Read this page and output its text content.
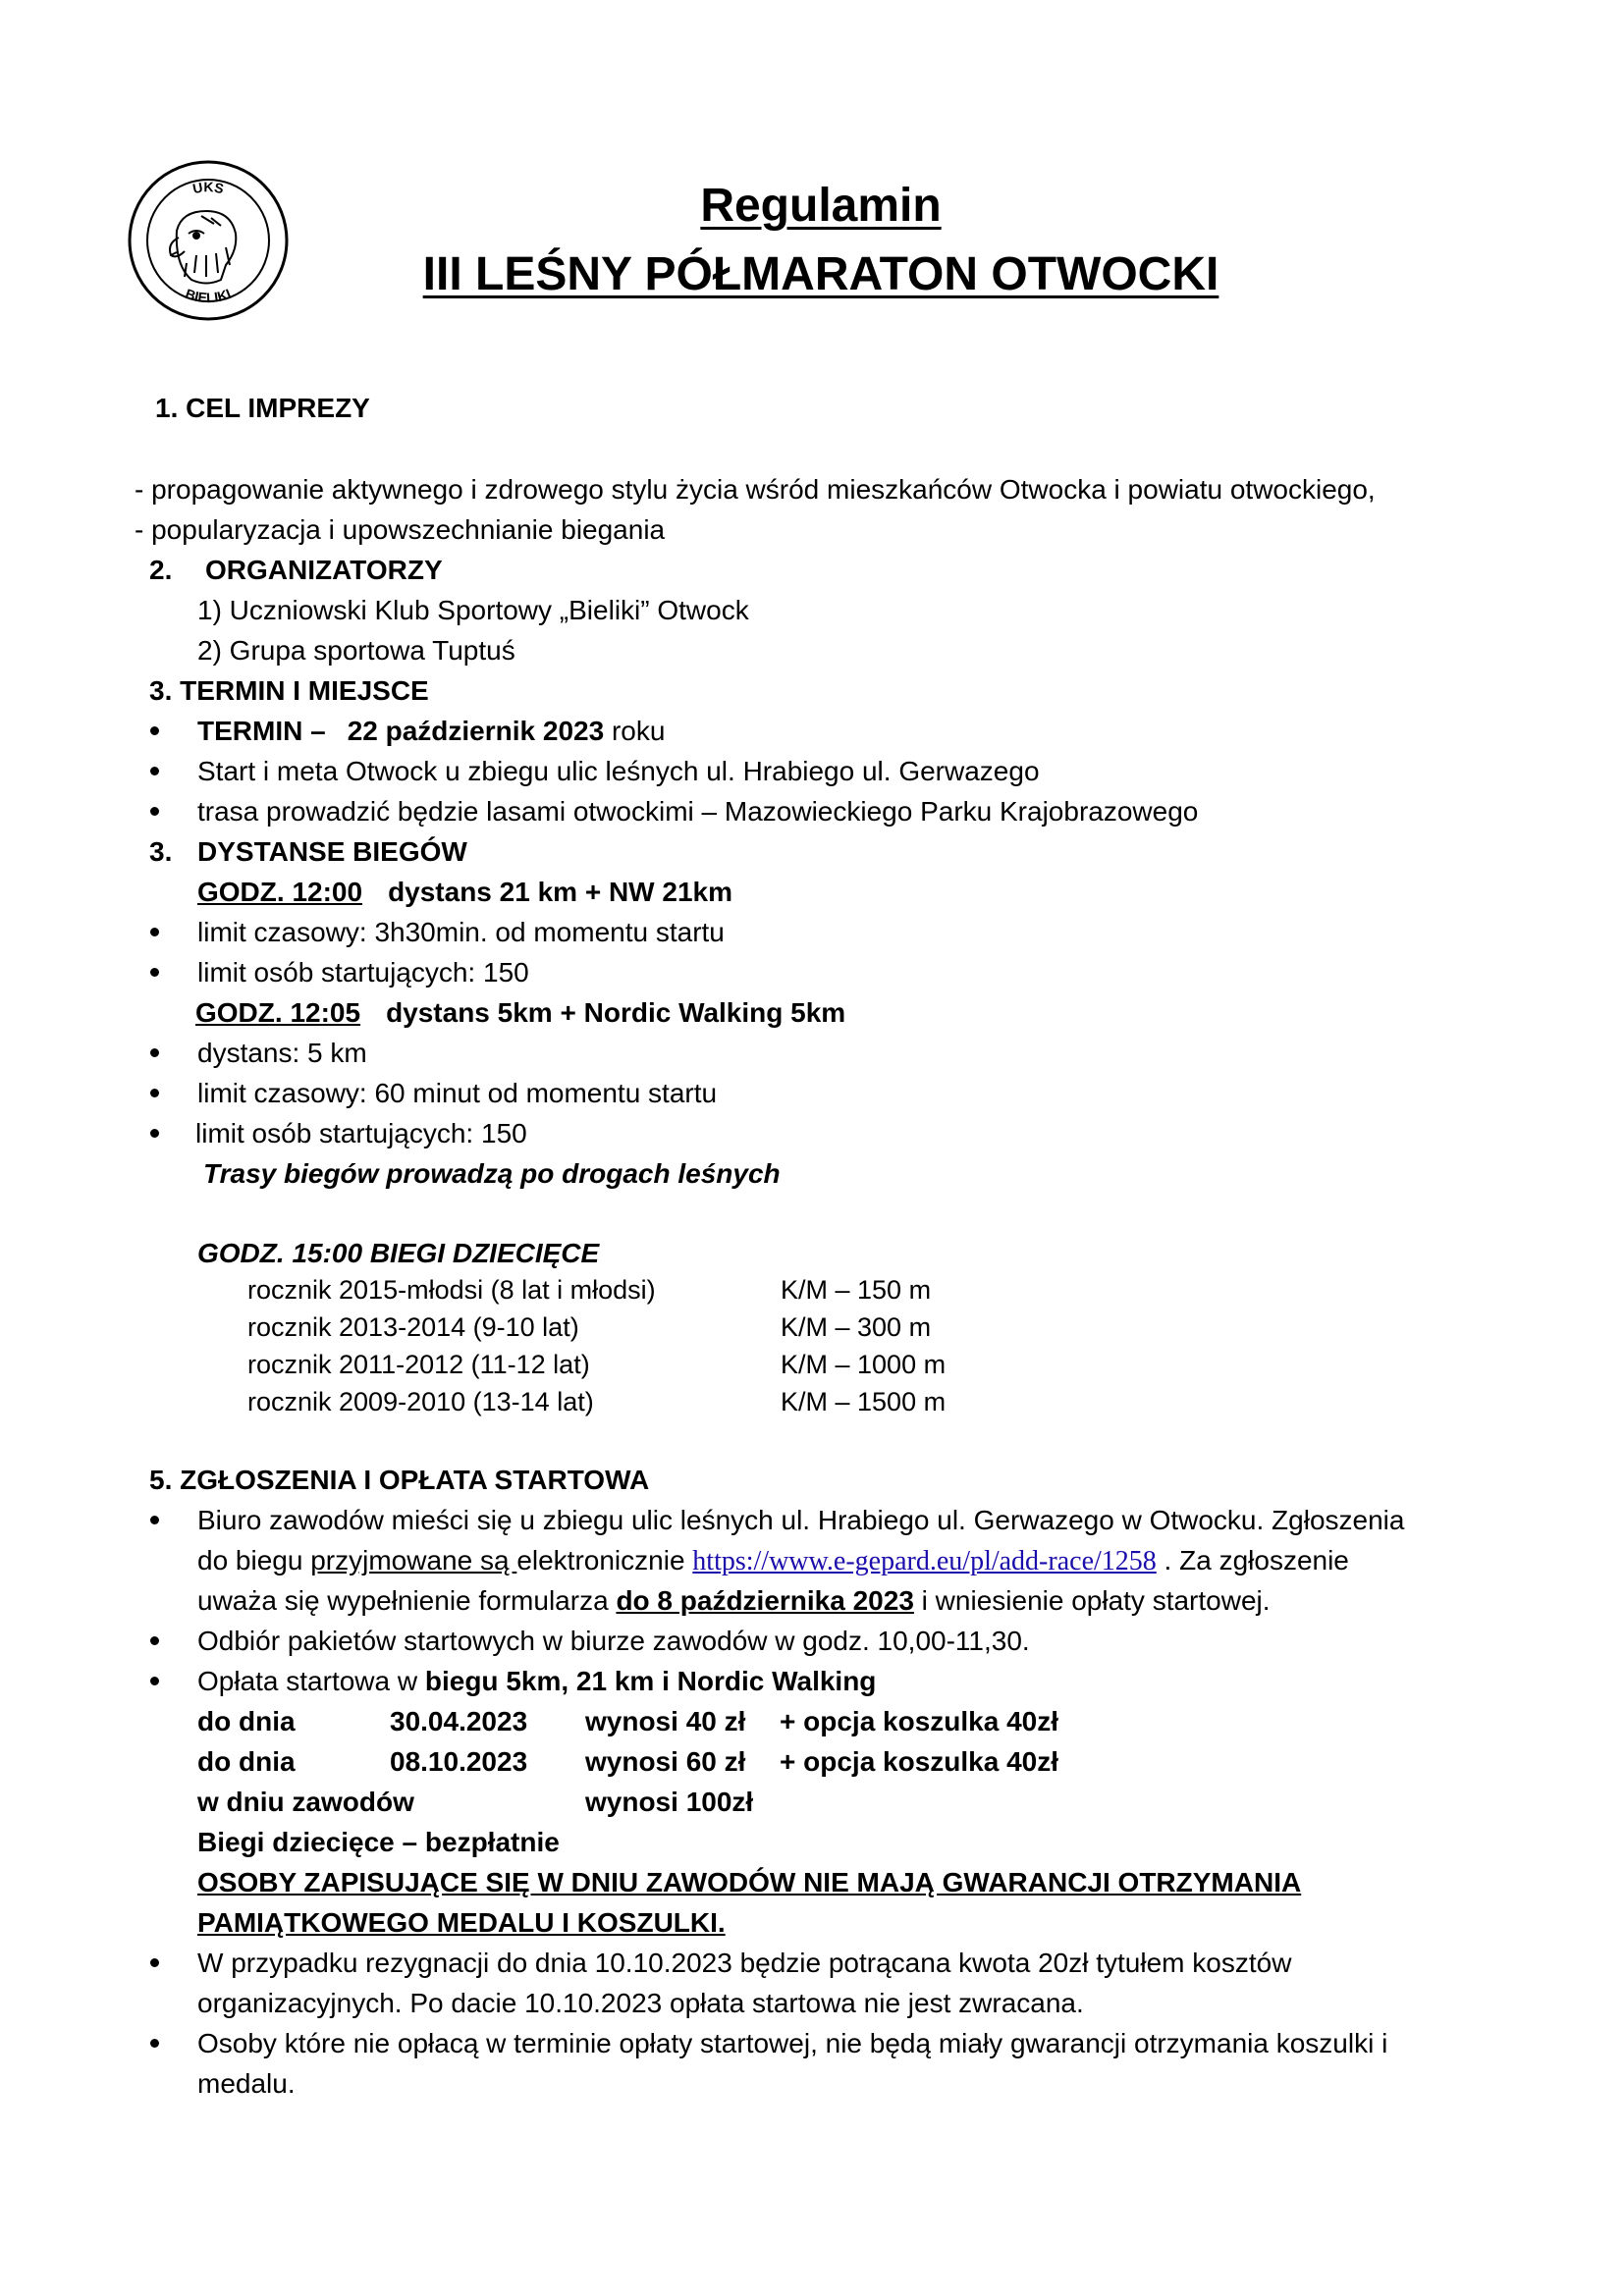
UKS
BIELIKI
Regulamin
III LEŚNY PÓŁMARATON OTWOCKI
1. CEL IMPREZY
- propagowanie aktywnego i zdrowego stylu życia wśród mieszkańców Otwocka i powiatu otwockiego,
- popularyzacja i upowszechnianie biegania
2. ORGANIZATORZY
1) Uczniowski Klub Sportowy „Bieliki” Otwock
2) Grupa sportowa Tuptuś
3. TERMIN I MIEJSCE
TERMIN – 22 październik 2023 roku
Start i meta Otwock u zbiegu ulic leśnych ul. Hrabiego ul. Gerwazego
trasa prowadzić będzie lasami otwockimi – Mazowieckiego Parku Krajobrazowego
3. DYSTANSE BIEGÓW
GODZ. 12:00 dystans 21 km + NW 21km
limit czasowy: 3h30min. od momentu startu
limit osób startujących: 150
GODZ. 12:05 dystans 5km + Nordic Walking 5km
dystans: 5 km
limit czasowy: 60 minut od momentu startu
limit osób startujących: 150
Trasy biegów prowadzą po drogach leśnych
GODZ. 15:00 BIEGI DZIECIĘCE
rocznik 2015-młodsi (8 lat i młodsi)	K/M – 150 m
rocznik 2013-2014 (9-10 lat)	K/M – 300 m
rocznik 2011-2012 (11-12 lat)	K/M – 1000 m
rocznik 2009-2010 (13-14 lat)	K/M – 1500 m
5. ZGŁOSZENIA I OPŁATA STARTOWA
Biuro zawodów mieści się u zbiegu ulic leśnych ul. Hrabiego ul. Gerwazego w Otwocku. Zgłoszenia
do biegu przyjmowane są elektronicznie https://www.e-gepard.eu/pl/add-race/1258 . Za zgłoszenie
uważa się wypełnienie formularza do 8 października 2023 i wniesienie opłaty startowej.
Odbiór pakietów startowych w biurze zawodów w godz. 10,00-11,30.
Opłata startowa w biegu 5km, 21 km i Nordic Walking
do dnia	30.04.2023 wynosi 40 zł + opcja koszulka 40zł
do dnia	08.10.2023 wynosi 60 zł + opcja koszulka 40zł
w dniu zawodów	wynosi 100zł
Biegi dziecięce – bezpłatnie
OSOBY ZAPISUJĄCE SIĘ W DNIU ZAWODÓW NIE MAJĄ GWARANCJI OTRZYMANIA
PAMIĄTKOWEGO MEDALU I KOSZULKI.
W przypadku rezygnacji do dnia 10.10.2023 będzie potrącana kwota 20zł tytułem kosztów
organizacyjnych. Po dacie 10.10.2023 opłata startowa nie jest zwracana.
Osoby które nie opłacą w terminie opłaty startowej, nie będą miały gwarancji otrzymania koszulki i
medalu.
